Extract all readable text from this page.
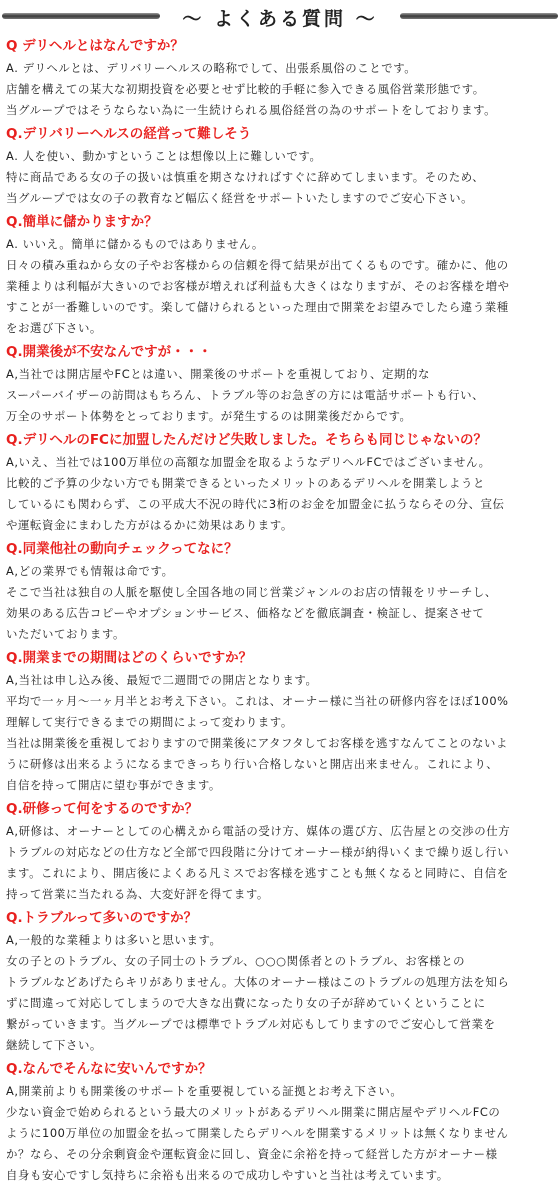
～ よくある質問 ～
Q デリヘルとはなんですか？
A. デリヘルとは、デリバリーヘルスの略称でして、出張系風俗のことです。
店舗を構えての某大な初期投資を必要とせず比較的手軽に参入できる風俗営業形態です。
当グループではそうならない為に一生続けられる風俗経営の為のサポートをしております。
Q.デリバリーヘルスの経営って難しそう
A. 人を使い、動かすということは想像以上に難しいです。
特に商品である女の子の扱いは慎重を期さなければすぐに辞めてしまいます。そのため、
当グループでは女の子の教育など幅広く経営をサポートいたしますのでご安心下さい。
Q.簡単に儲かりますか？
A. いいえ。簡単に儲かるものではありません。
日々の積み重ねから女の子やお客様からの信頼を得て結果が出てくるものです。確かに、他の
業種よりは利幅が大きいのでお客様が増えれば利益も大きくはなりますが、そのお客様を増や
すことが一番難しいのです。楽して儲けられるといった理由で開業をお望みでしたら違う業種
をお選び下さい。
Q.開業後が不安なんですが・・・
A,当社では開店屋やFCとは違い、開業後のサポートを重視しており、定期的な
スーパーバイザーの訪問はもちろん、トラブル等のお急ぎの方には電話サポートも行い、
万全のサポート体勢をとっております。が発生するのは開業後だからです。
Q.デリヘルのFCに加盟したんだけど失敗しました。そちらも同じじゃないの？
A,いえ、当社では100万単位の高額な加盟金を取るようなデリヘルFCではございません。
比較的ご予算の少ない方でも開業できるといったメリットのあるデリヘルを開業しようと
しているにも関わらず、この平成大不況の時代に3桁のお金を加盟金に払うならその分、宣伝
や運転資金にまわした方がはるかに効果はあります。
Q.同業他社の動向チェックってなに？
A,どの業界でも情報は命です。
そこで当社は独自の人脈を駆使し全国各地の同じ営業ジャンルのお店の情報をリサーチし、
効果のある広告コピーやオプションサービス、価格などを徹底調査・検証し、提案させて
いただいております。
Q.開業までの期間はどのくらいですか？
A,当社は申し込み後、最短で二週間での開店となります。
平均で一ヶ月～一ヶ月半とお考え下さい。これは、オーナー様に当社の研修内容をほぼ100%
理解して実行できるまでの期間によって変わります。
当社は開業後を重視しておりますので開業後にアタフタしてお客様を逃すなんてことのないよ
うに研修は出来るようになるまできっちり行い合格しないと開店出来ません。これにより、
自信を持って開店に望む事ができます。
Q.研修って何をするのですか？
A,研修は、オーナーとしての心構えから電話の受け方、媒体の選び方、広告屋との交渉の仕方
トラブルの対応などの仕方など全部で四段階に分けてオーナー様が納得いくまで繰り返し行い
ます。これにより、開店後によくある凡ミスでお客様を逃すことも無くなると同時に、自信を
持って営業に当たれる為、大変好評を得てます。
Q.トラブルって多いのですか？
A,一般的な業種よりは多いと思います。
女の子とのトラブル、女の子同士のトラブル、○○○関係者とのトラブル、お客様との
トラブルなどあげたらキリがありません。大体のオーナー様はこのトラブルの処理方法を知ら
ずに間違って対応してしまうので大きな出費になったり女の子が辞めていくということに
繋がっていきます。当グループでは標準でトラブル対応もしてりますのでご安心して営業を
継続して下さい。
Q.なんでそんなに安いんですか？
A,開業前よりも開業後のサポートを重要視している証拠とお考え下さい。
少ない資金で始められるという最大のメリットがあるデリヘル開業に開店屋やデリヘルFCの
ように100万単位の加盟金を払って開業したらデリヘルを開業するメリットは無くなりません
か？なら、その分余剰資金や運転資金に回し、資金に余裕を持って経営した方がオーナー様
自身も安心ですし気持ちに余裕も出来るので成功しやすいと当社は考えています。
